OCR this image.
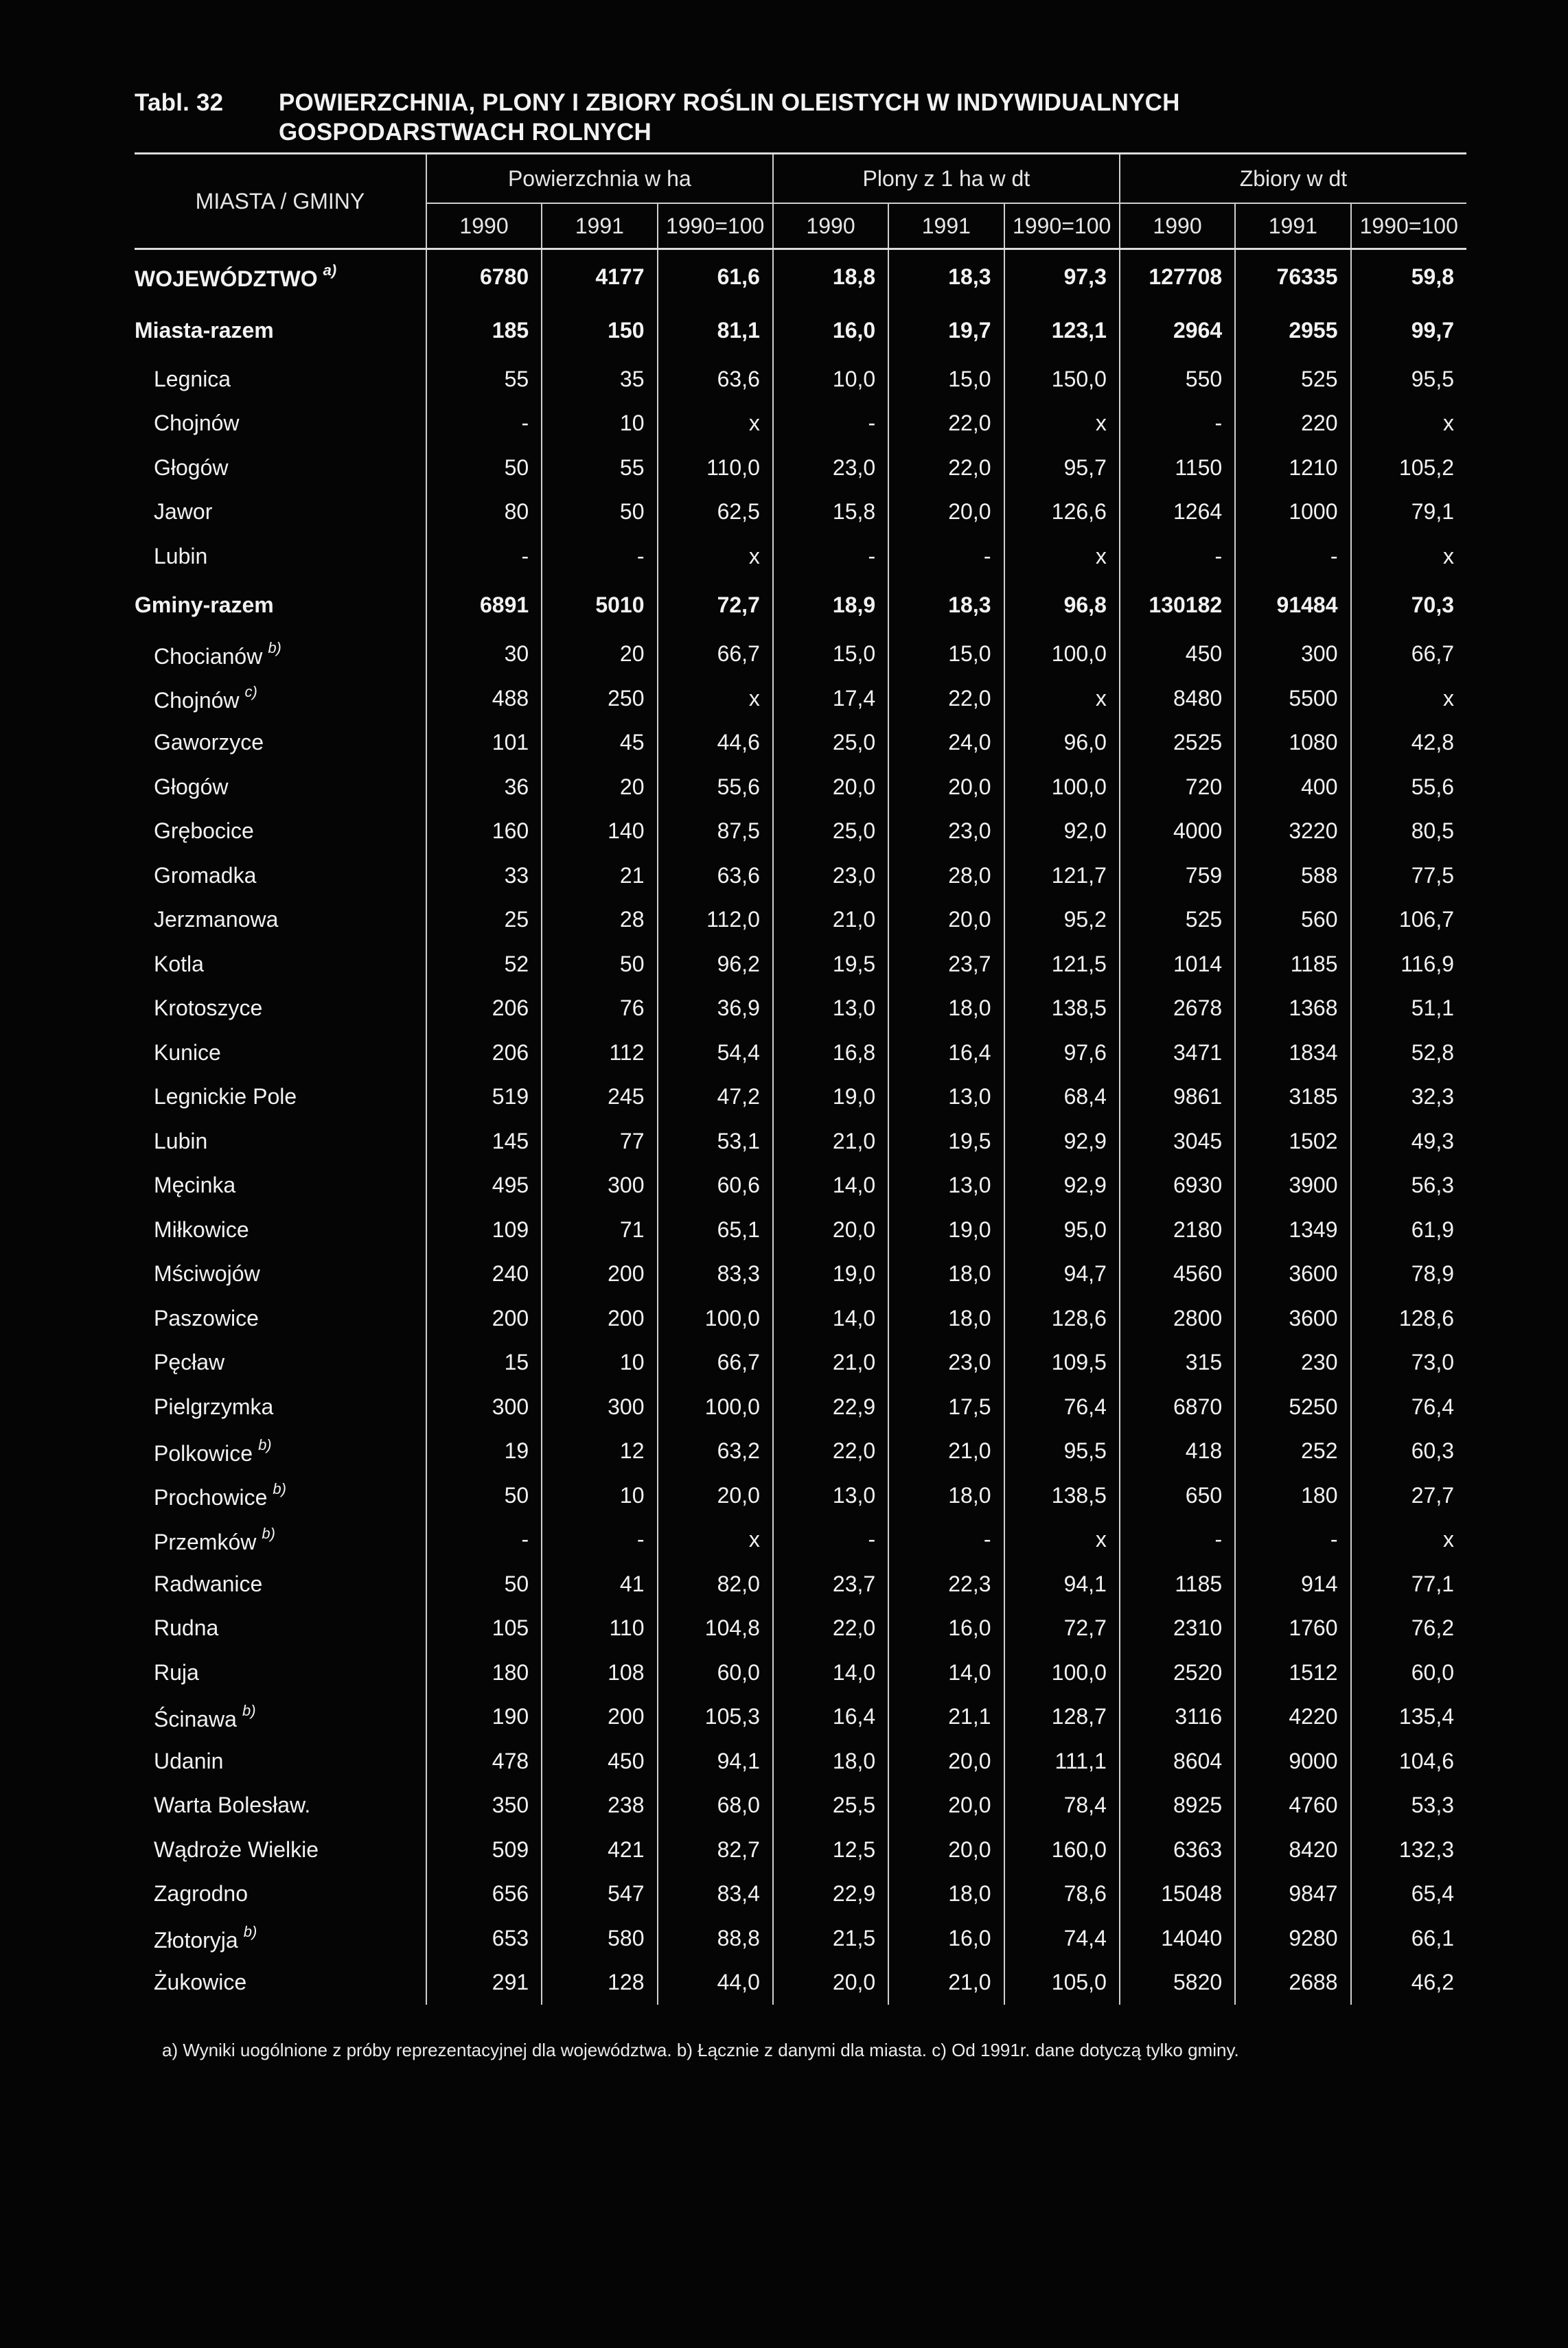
Tabl. 32 POWIERZCHNIA, PLONY I ZBIORY ROŚLIN OLEISTYCH W INDYWIDUALNYCH
GOSPODARSTWACH ROLNYCH
MIASTA / GMINY	Powierzchnia w ha			Plony z 1 ha w dt			Zbiory w dt		
	1990	1991	1990=100	1990	1991	1990=100	1990	1991	1990=100
WOJEWÓDZTWO $^{a)}$	6780	4177	61,6	18,8	18,3	97,3	127708	76335	59,8
Miasta-razem	185	150	81,1	16,0	19,7	123,1	2964	2955	99,7
Legnica	55	35	63,6	10,0	15,0	150,0	550	525	95,5
Chojnów	-	10	x	-	22,0	x	-	220	x
Głogów	50	55	110,0	23,0	22,0	95,7	1150	1210	105,2
Jawor	80	50	62,5	15,8	20,0	126,6	1264	1000	79,1
Lubin	-	-	x	-	-	x	-	-	x
Gminy-razem	6891	5010	72,7	18,9	18,3	96,8	130182	91484	70,3
Chocianów $^{b)}$	30	20	66,7	15,0	15,0	100,0	450	300	66,7
Chojnów $^{c)}$	488	250	x	17,4	22,0	x	8480	5500	x
Gaworzyce	101	45	44,6	25,0	24,0	96,0	2525	1080	42,8
Głogów	36	20	55,6	20,0	20,0	100,0	720	400	55,6
Grębocice	160	140	87,5	25,0	23,0	92,0	4000	3220	80,5
Gromadka	33	21	63,6	23,0	28,0	121,7	759	588	77,5
Jerzmanowa	25	28	112,0	21,0	20,0	95,2	525	560	106,7
Kotla	52	50	96,2	19,5	23,7	121,5	1014	1185	116,9
Krotoszyce	206	76	36,9	13,0	18,0	138,5	2678	1368	51,1
Kunice	206	112	54,4	16,8	16,4	97,6	3471	1834	52,8
Legnickie Pole	519	245	47,2	19,0	13,0	68,4	9861	3185	32,3
Lubin	145	77	53,1	21,0	19,5	92,9	3045	1502	49,3
Męcinka	495	300	60,6	14,0	13,0	92,9	6930	3900	56,3
Miłkowice	109	71	65,1	20,0	19,0	95,0	2180	1349	61,9
Mściwojów	240	200	83,3	19,0	18,0	94,7	4560	3600	78,9
Paszowice	200	200	100,0	14,0	18,0	128,6	2800	3600	128,6
Pęcław	15	10	66,7	21,0	23,0	109,5	315	230	73,0
Pielgrzymka	300	300	100,0	22,9	17,5	76,4	6870	5250	76,4
Polkowice $^{b)}$	19	12	63,2	22,0	21,0	95,5	418	252	60,3
Prochowice $^{b)}$	50	10	20,0	13,0	18,0	138,5	650	180	27,7
Przemków $^{b)}$	-	-	x	-	-	x	-	-	x
Radwanice	50	41	82,0	23,7	22,3	94,1	1185	914	77,1
Rudna	105	110	104,8	22,0	16,0	72,7	2310	1760	76,2
Ruja	180	108	60,0	14,0	14,0	100,0	2520	1512	60,0
Ścinawa $^{b)}$	190	200	105,3	16,4	21,1	128,7	3116	4220	135,4
Udanin	478	450	94,1	18,0	20,0	111,1	8604	9000	104,6
Warta Bolesław.	350	238	68,0	25,5	20,0	78,4	8925	4760	53,3
Wądroże Wielkie	509	421	82,7	12,5	20,0	160,0	6363	8420	132,3
Zagrodno	656	547	83,4	22,9	18,0	78,6	15048	9847	65,4
Złotoryja $^{b)}$	653	580	88,8	21,5	16,0	74,4	14040	9280	66,1
Żukowice	291	128	44,0	20,0	21,0	105,0	5820	2688	46,2
a) Wyniki uogólnione z próby reprezentacyjnej dla województwa. b) Łącznie z danymi dla miasta. c) Od 1991r. dane dotyczą tylko gminy.
